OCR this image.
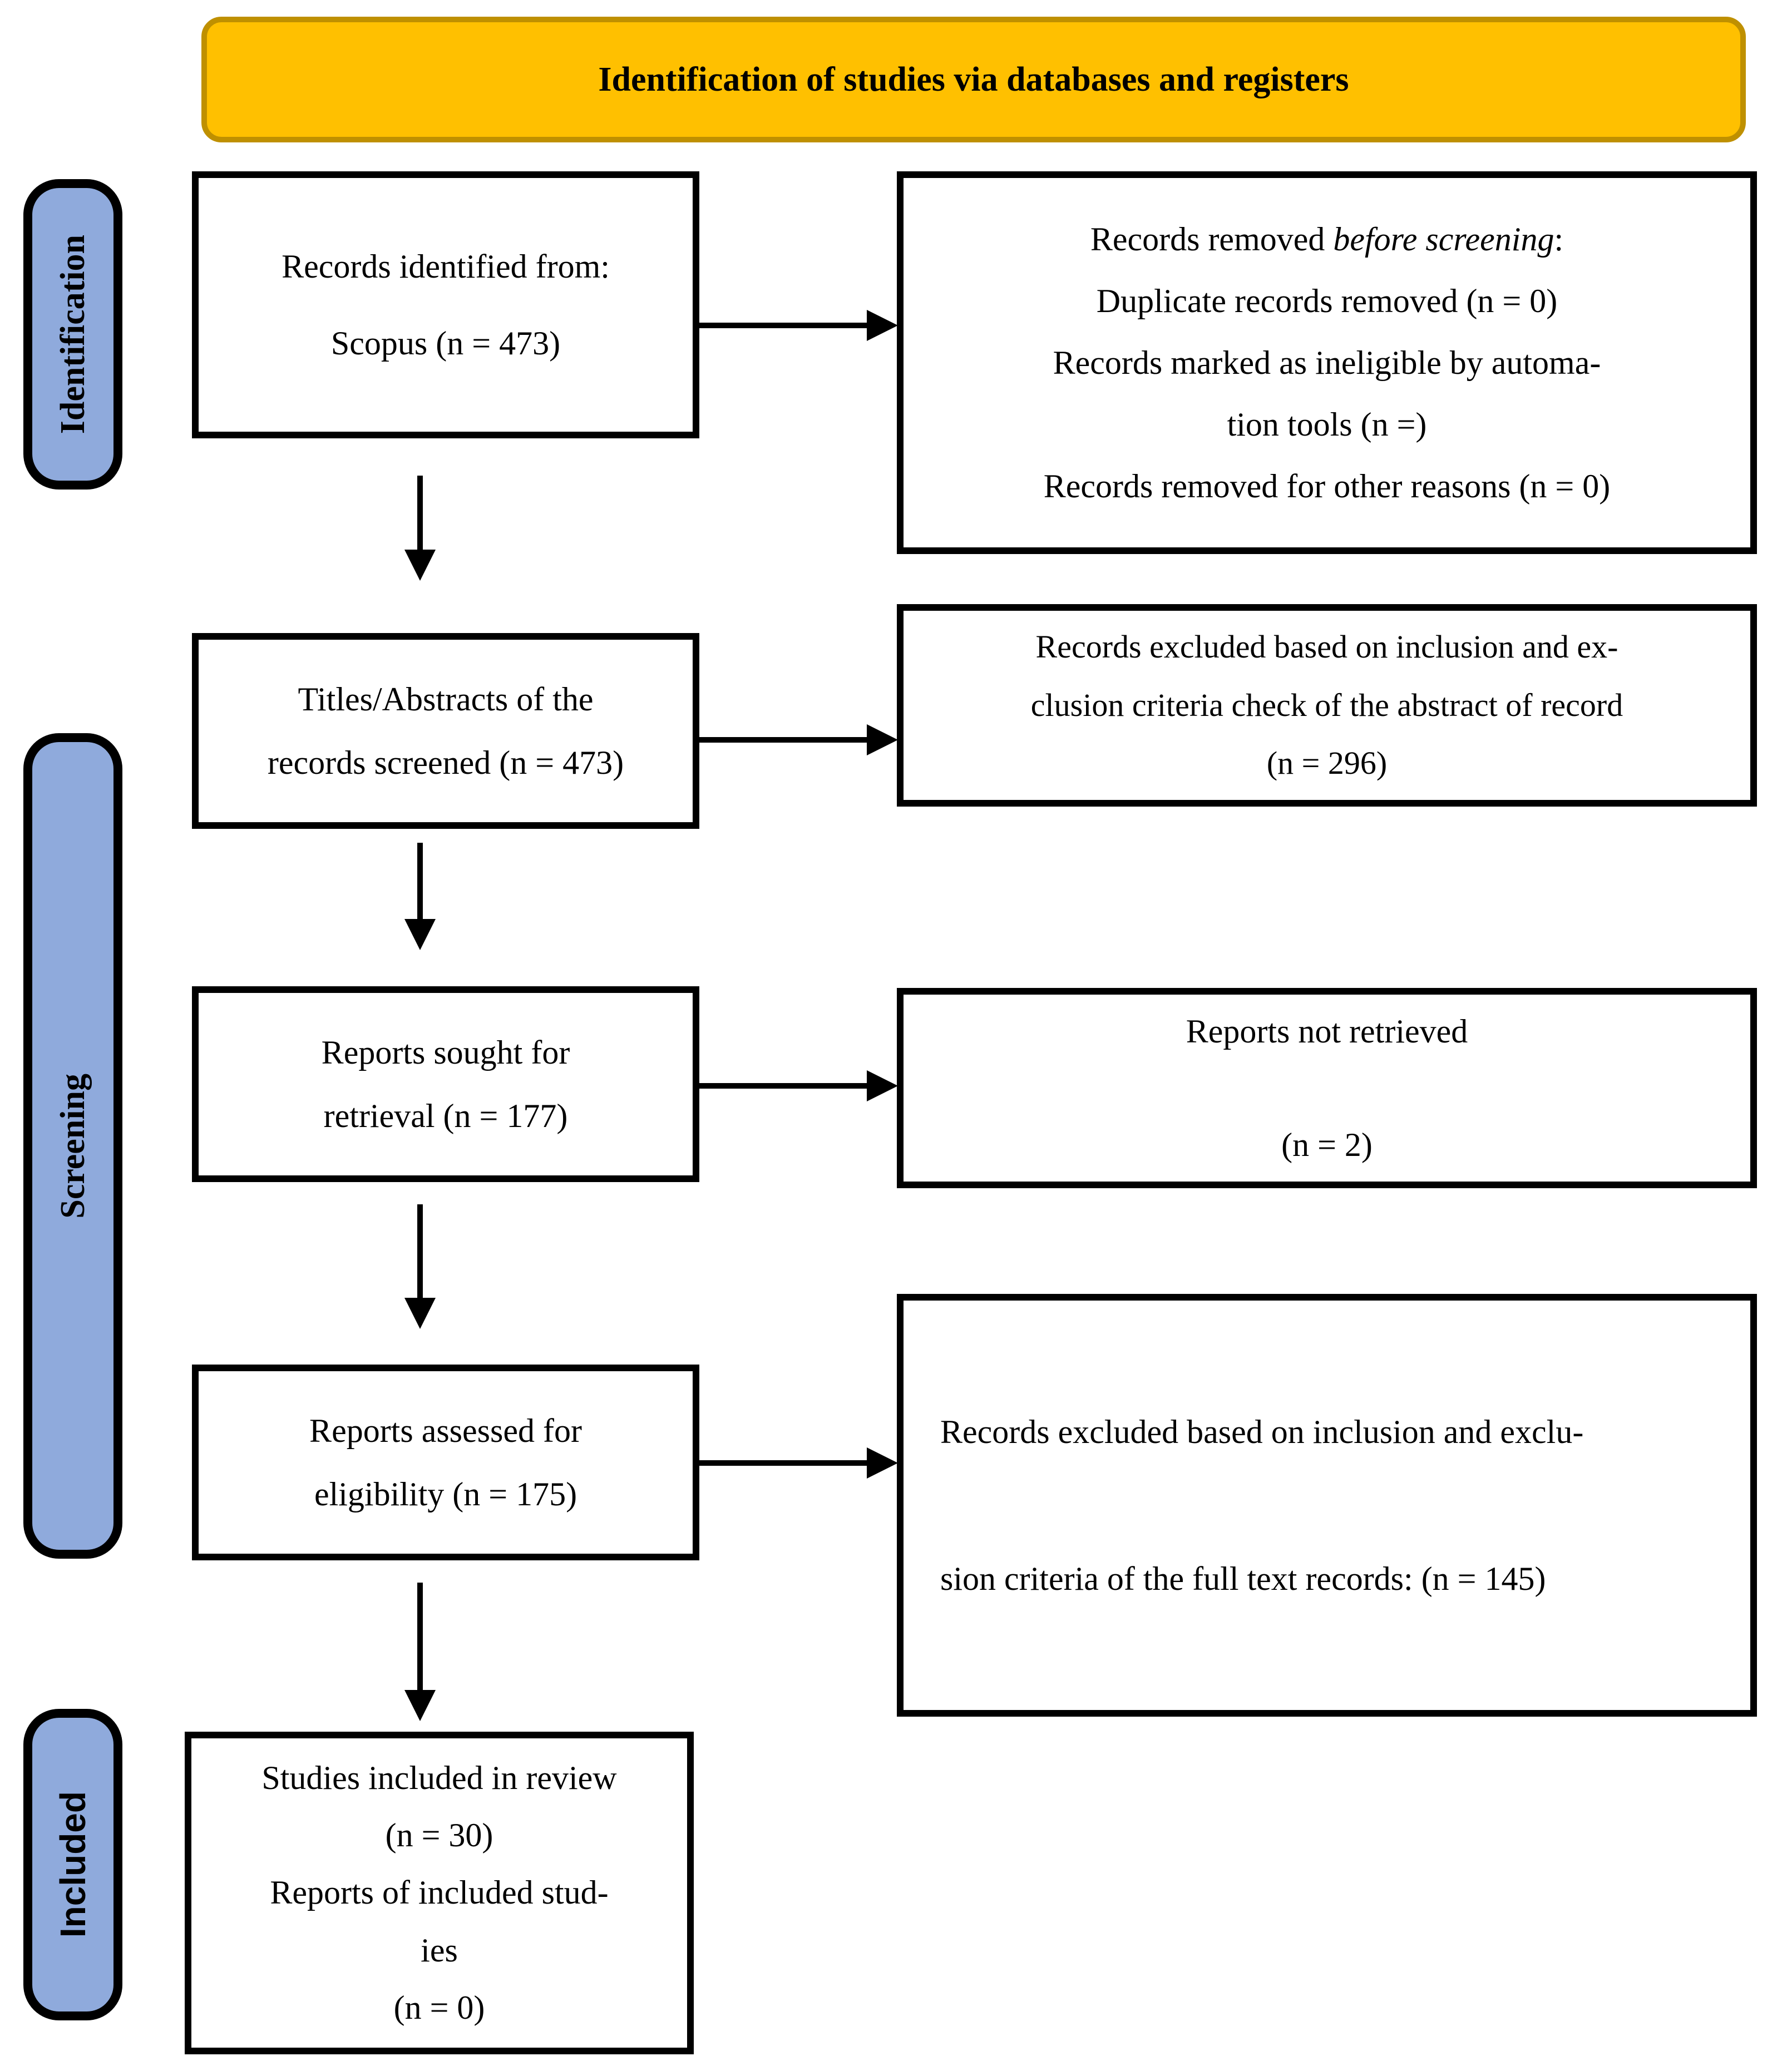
Identification of studies via databases and registers
Identification
Screening
Included
Records identified from:
Scopus (n = 473)
Records removed before screening:
Duplicate records removed (n = 0)
Records marked as ineligible by automa-
tion tools (n =)
Records removed for other reasons (n = 0)
Titles/Abstracts of the
records screened (n = 473)
Records excluded based on inclusion and ex-
clusion criteria check of the abstract of record
(n = 296)
Reports sought for
retrieval (n = 177)
Reports not retrieved

(n = 2)
Reports assessed for
eligibility (n = 175)
Records excluded based on inclusion and exclu-

sion criteria of the full text records: (n = 145)
Studies included in review
(n = 30)
Reports of included stud-
ies
(n = 0)
